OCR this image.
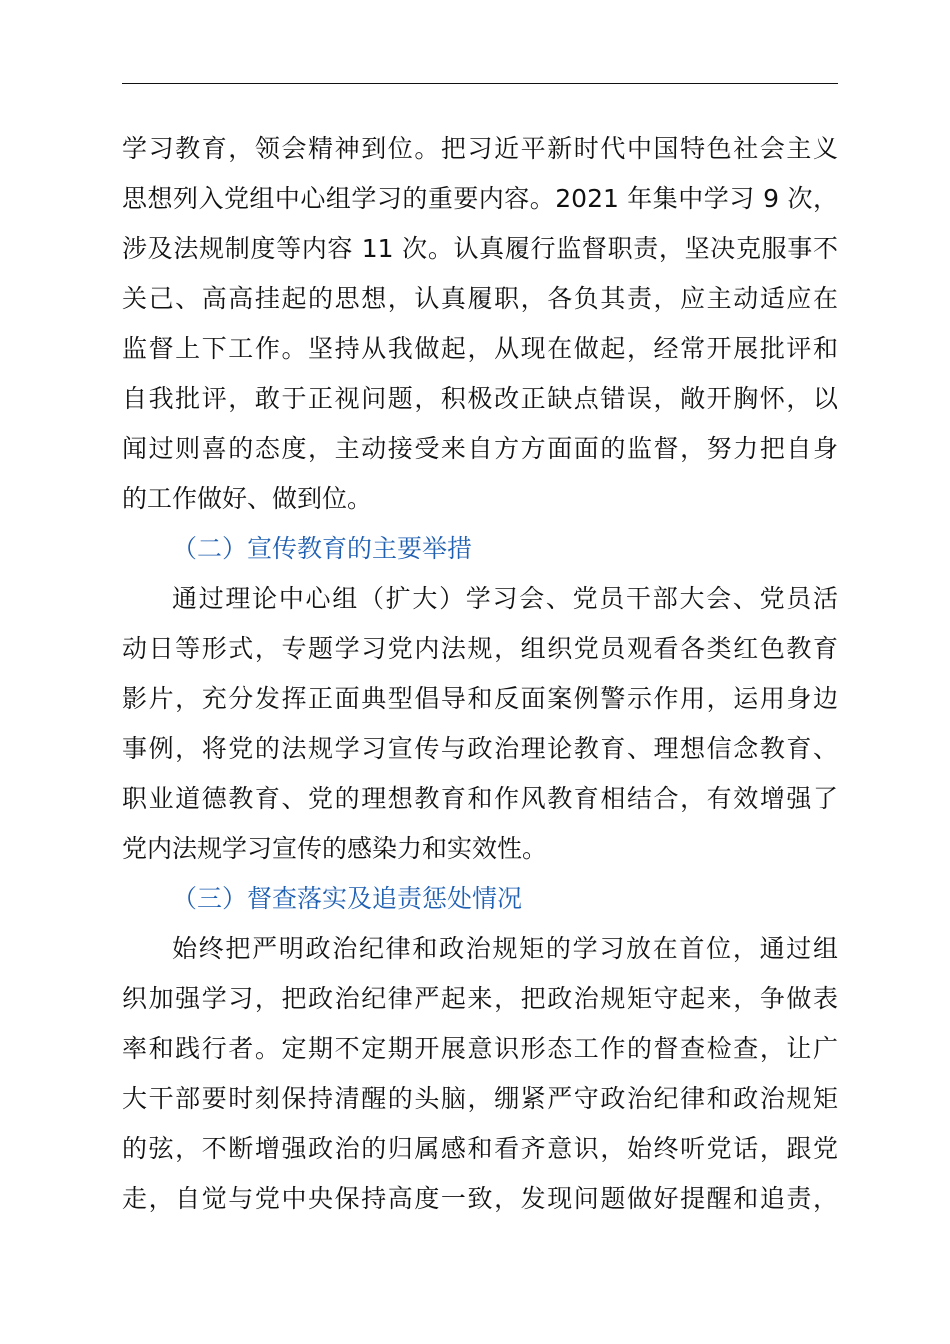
学习教育，领会精神到位。把习近平新时代中国特色社会主义
思想列入党组中心组学习的重要内容。2021 年集中学习 9 次，
涉及法规制度等内容 11 次。认真履行监督职责，坚决克服事不
关己、高高挂起的思想，认真履职，各负其责，应主动适应在
监督上下工作。坚持从我做起，从现在做起，经常开展批评和
自我批评，敢于正视问题，积极改正缺点错误，敞开胸怀，以
闻过则喜的态度，主动接受来自方方面面的监督，努力把自身
的工作做好、做到位。
（二）宣传教育的主要举措
通过理论中心组（扩大）学习会、党员干部大会、党员活
动日等形式，专题学习党内法规，组织党员观看各类红色教育
影片，充分发挥正面典型倡导和反面案例警示作用，运用身边
事例，将党的法规学习宣传与政治理论教育、理想信念教育、
职业道德教育、党的理想教育和作风教育相结合，有效增强了
党内法规学习宣传的感染力和实效性。
（三）督查落实及追责惩处情况
始终把严明政治纪律和政治规矩的学习放在首位，通过组
织加强学习，把政治纪律严起来，把政治规矩守起来，争做表
率和践行者。定期不定期开展意识形态工作的督查检查，让广
大干部要时刻保持清醒的头脑，绷紧严守政治纪律和政治规矩
的弦，不断增强政治的归属感和看齐意识，始终听党话，跟党
走，自觉与党中央保持高度一致，发现问题做好提醒和追责，
